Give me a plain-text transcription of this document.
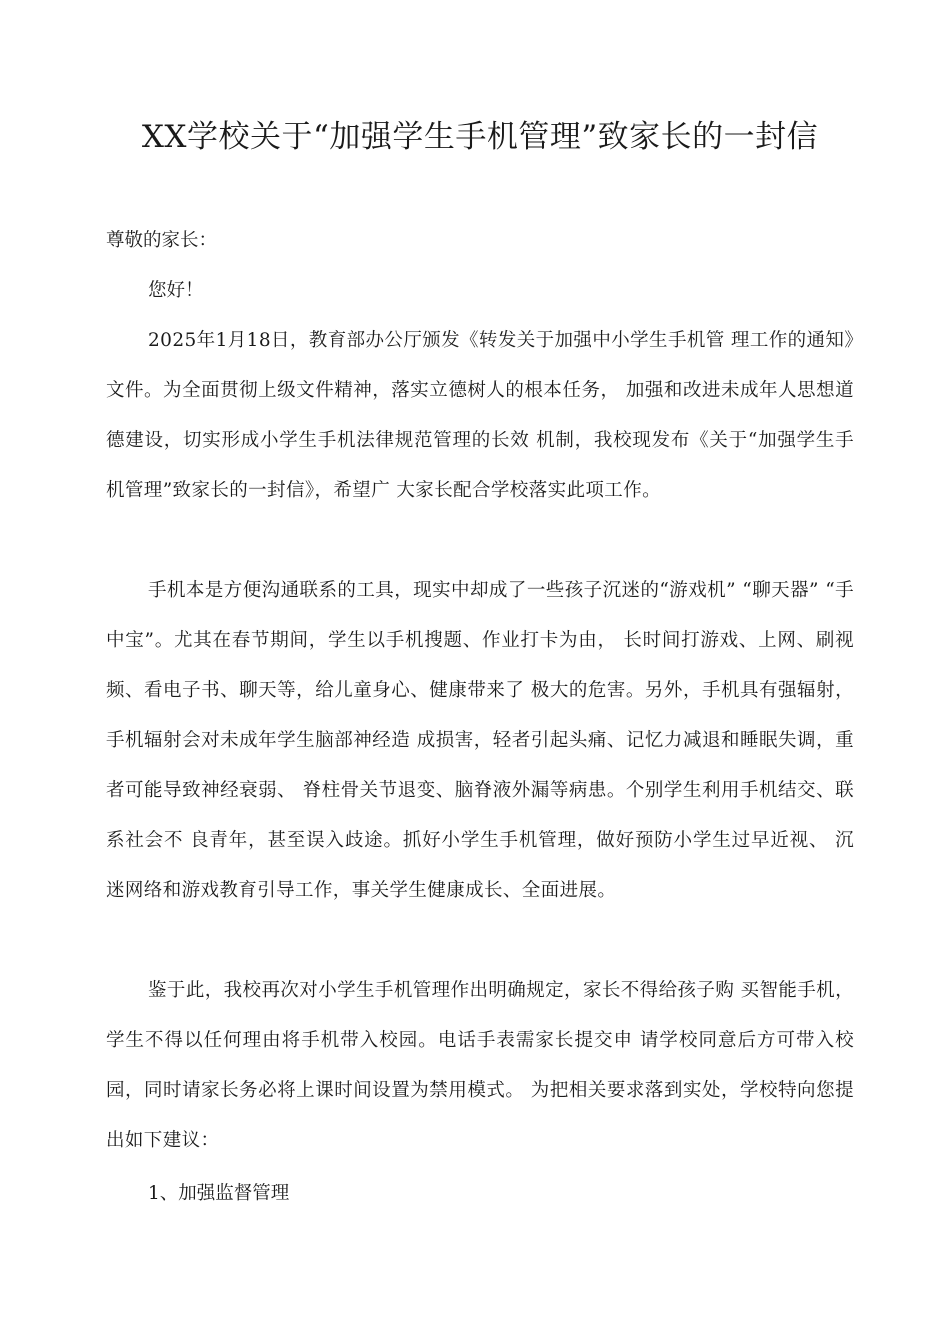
XX学校关于“加强学生手机管理”致家长的一封信

尊敬的家长：

您好！

2025年1月18日，教育部办公厅颁发《转发关于加强中小学生手机管 理工作的通知》文件。为全面贯彻上级文件精神，落实立德树人的根本任务， 加强和改进未成年人思想道德建设，切实形成小学生手机法律规范管理的长效 机制，我校现发布《关于“加强学生手机管理”致家长的一封信》，希望广 大家长配合学校落实此项工作。

手机本是方便沟通联系的工具，现实中却成了一些孩子沉迷的“游戏机” “聊天器” “手中宝”。尤其在春节期间，学生以手机搜题、作业打卡为由， 长时间打游戏、上网、刷视频、看电子书、聊天等，给儿童身心、健康带来了 极大的危害。另外，手机具有强辐射，手机辐射会对未成年学生脑部神经造 成损害，轻者引起头痛、记忆力减退和睡眠失调，重者可能导致神经衰弱、 脊柱骨关节退变、脑脊液外漏等病患。个别学生利用手机结交、联系社会不 良青年，甚至误入歧途。抓好小学生手机管理，做好预防小学生过早近视、 沉迷网络和游戏教育引导工作，事关学生健康成长、全面进展。

鉴于此，我校再次对小学生手机管理作出明确规定，家长不得给孩子购 买智能手机，学生不得以任何理由将手机带入校园。电话手表需家长提交申 请学校同意后方可带入校园，同时请家长务必将上课时间设置为禁用模式。 为把相关要求落到实处，学校特向您提出如下建议：

1、加强监督管理
